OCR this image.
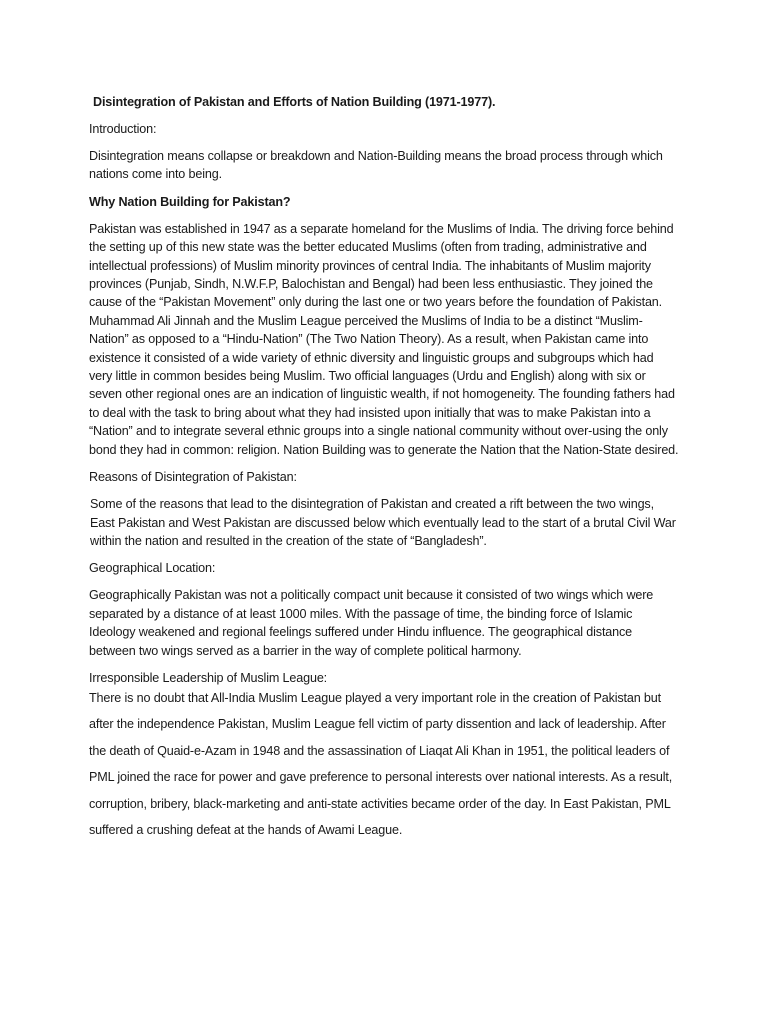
Disintegration of Pakistan and Efforts of Nation Building (1971-1977).
Introduction:
Disintegration means collapse or breakdown and Nation-Building means the broad process through which nations come into being.
Why Nation Building for Pakistan?
Pakistan was established in 1947 as a separate homeland for the Muslims of India. The driving force behind the setting up of this new state was the better educated Muslims (often from trading, administrative and intellectual professions) of Muslim minority provinces of central India. The inhabitants of Muslim majority provinces (Punjab, Sindh, N.W.F.P, Balochistan and Bengal) had been less enthusiastic. They joined the cause of the “Pakistan Movement” only during the last one or two years before the foundation of Pakistan. Muhammad Ali Jinnah and the Muslim League perceived the Muslims of India to be a distinct “Muslim-Nation” as opposed to a “Hindu-Nation” (The Two Nation Theory). As a result, when Pakistan came into existence it consisted of a wide variety of ethnic diversity and linguistic groups and subgroups which had very little in common besides being Muslim. Two official languages (Urdu and English) along with six or seven other regional ones are an indication of linguistic wealth, if not homogeneity. The founding fathers had to deal with the task to bring about what they had insisted upon initially that was to make Pakistan into a “Nation” and to integrate several ethnic groups into a single national community without over-using the only bond they had in common: religion. Nation Building was to generate the Nation that the Nation-State desired.
Reasons of Disintegration of Pakistan:
Some of the reasons that lead to the disintegration of Pakistan and created a rift between the two wings, East Pakistan and West Pakistan are discussed below which eventually lead to the start of a brutal Civil War within the nation and resulted in the creation of the state of “Bangladesh”.
Geographical Location:
Geographically Pakistan was not a politically compact unit because it consisted of two wings which were separated by a distance of at least 1000 miles. With the passage of time, the binding force of Islamic Ideology weakened and regional feelings suffered under Hindu influence. The geographical distance between two wings served as a barrier in the way of complete political harmony.
Irresponsible Leadership of Muslim League:
There is no doubt that All-India Muslim League played a very important role in the creation of Pakistan but after the independence Pakistan, Muslim League fell victim of party dissention and lack of leadership. After the death of Quaid-e-Azam in 1948 and the assassination of Liaqat Ali Khan in 1951, the political leaders of PML joined the race for power and gave preference to personal interests over national interests. As a result, corruption, bribery, black-marketing and anti-state activities became order of the day. In East Pakistan, PML suffered a crushing defeat at the hands of Awami League.
